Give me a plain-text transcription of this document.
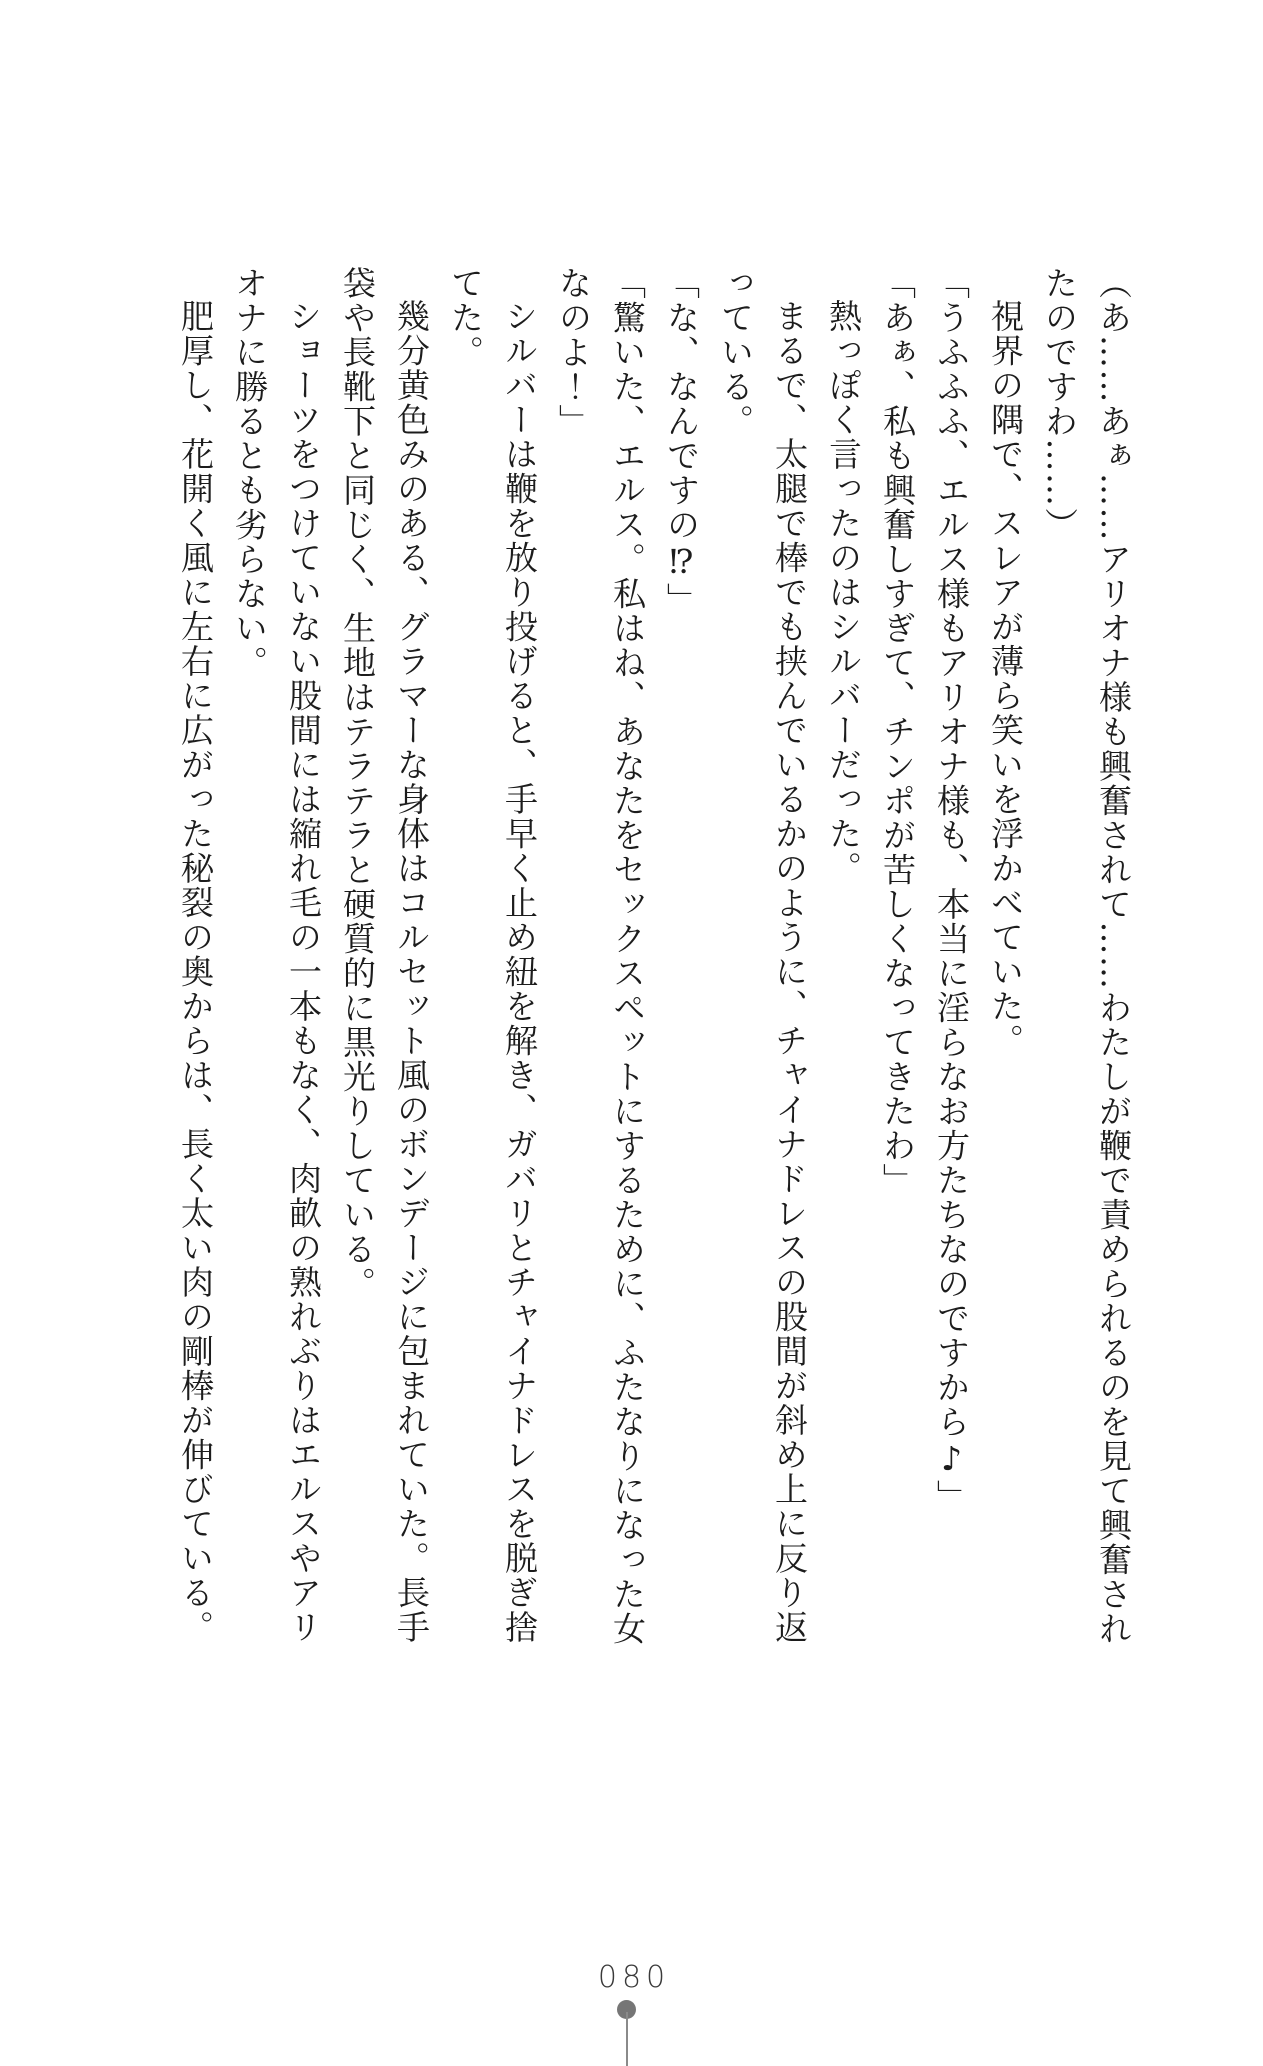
（あ……あぁ……アリオナ様も興奮されて……わたしが鞭で責められるのを見て興奮されたのですわ……）

視界の隅で、スレアが薄ら笑いを浮かべていた。

「うふふふ、エルス様もアリオナ様も、本当に淫らなお方たちなのですから♪」

「あぁ、私も興奮しすぎて、チンポが苦しくなってきたわ」

熱っぽく言ったのはシルバーだった。

まるで、太腿で棒でも挟んでいるかのように、チャイナドレスの股間が斜め上に反り返っている。

「な、なんですの⁉」

「驚いた、エルス。私はね、あなたをセックスペットにするために、ふたなりになった女なのよ！」

シルバーは鞭を放り投げると、手早く止め紐を解き、ガバリとチャイナドレスを脱ぎ捨てた。

幾分黄色みのある、グラマーな身体はコルセット風のボンデージに包まれていた。長手袋や長靴下と同じく、生地はテラテラと硬質的に黒光りしている。

ショーツをつけていない股間には縮れ毛の一本もなく、肉畝の熟れぶりはエルスやアリオナに勝るとも劣らない。

肥厚し、花開く風に左右に広がった秘裂の奥からは、長く太い肉の剛棒が伸びている。

080
